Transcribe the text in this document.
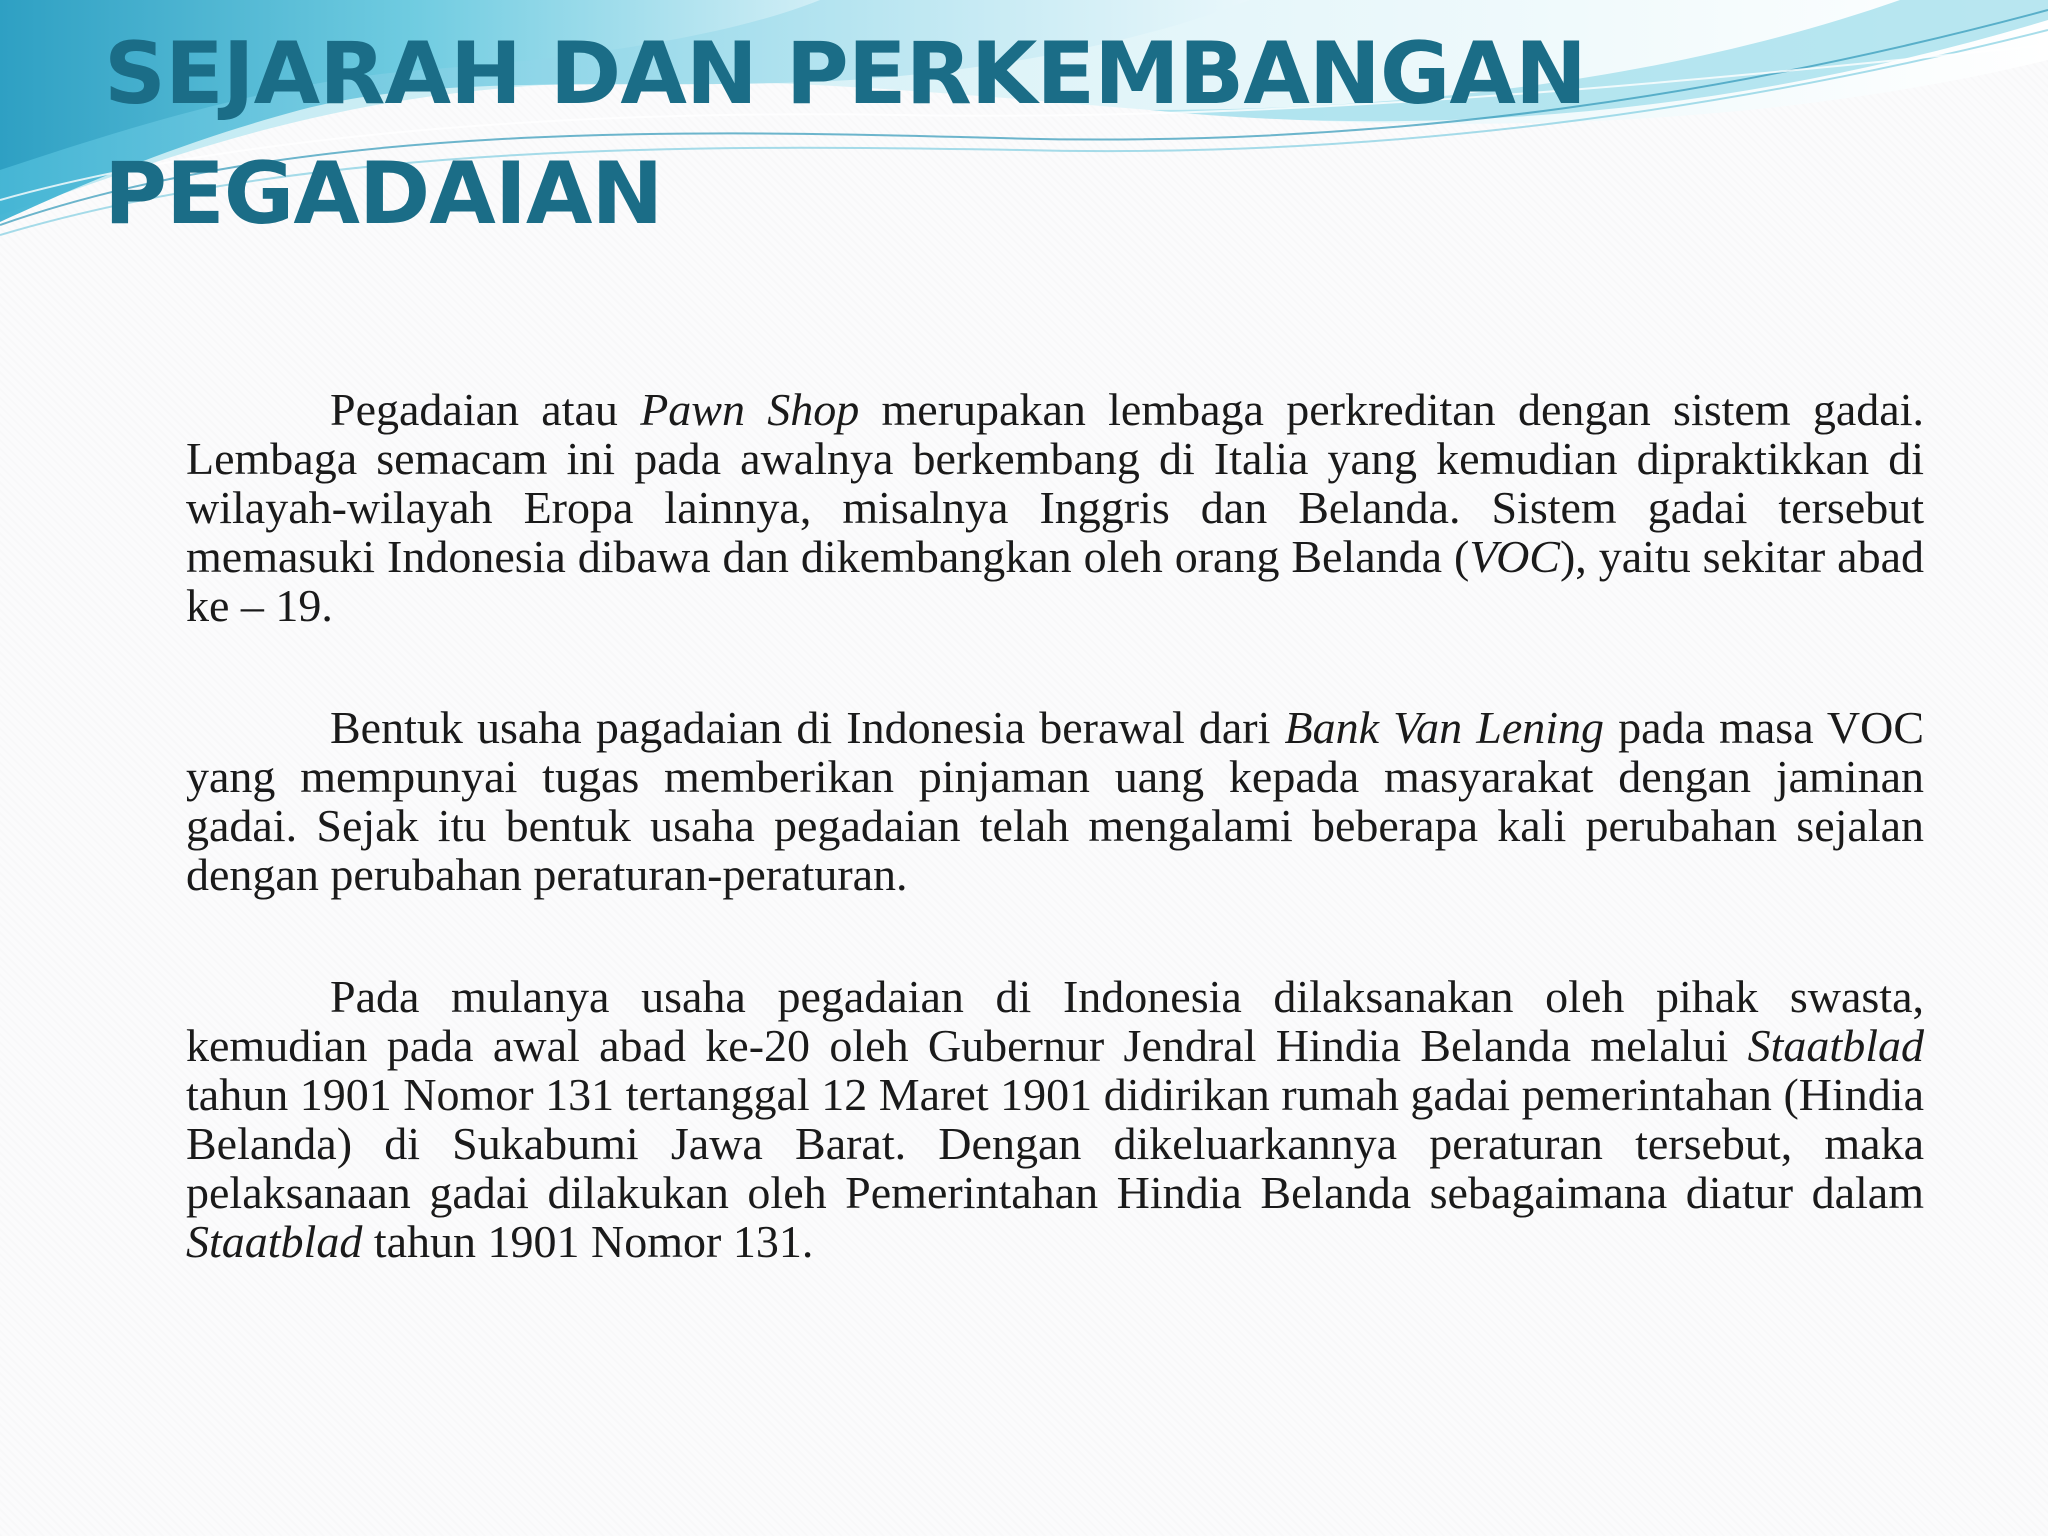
SEJARAH DAN PERKEMBANGAN
PEGADAIAN

Pegadaian atau Pawn Shop merupakan lembaga perkreditan dengan sistem gadai. Lembaga semacam ini pada awalnya berkembang di Italia yang kemudian dipraktikkan di wilayah-wilayah Eropa lainnya, misalnya Inggris dan Belanda. Sistem gadai tersebut memasuki Indonesia dibawa dan dikembangkan oleh orang Belanda (VOC), yaitu sekitar abad ke – 19.

Bentuk usaha pagadaian di Indonesia berawal dari Bank Van Lening pada masa VOC yang mempunyai tugas memberikan pinjaman uang kepada masyarakat dengan jaminan gadai. Sejak itu bentuk usaha pegadaian telah mengalami beberapa kali perubahan sejalan dengan perubahan peraturan-peraturan.

Pada mulanya usaha pegadaian di Indonesia dilaksanakan oleh pihak swasta, kemudian pada awal abad ke-20 oleh Gubernur Jendral Hindia Belanda melalui Staatblad tahun 1901 Nomor 131 tertanggal 12 Maret 1901 didirikan rumah gadai pemerintahan (Hindia Belanda) di Sukabumi Jawa Barat. Dengan dikeluarkannya peraturan tersebut, maka pelaksanaan gadai dilakukan oleh Pemerintahan Hindia Belanda sebagaimana diatur dalam Staatblad tahun 1901 Nomor 131.
